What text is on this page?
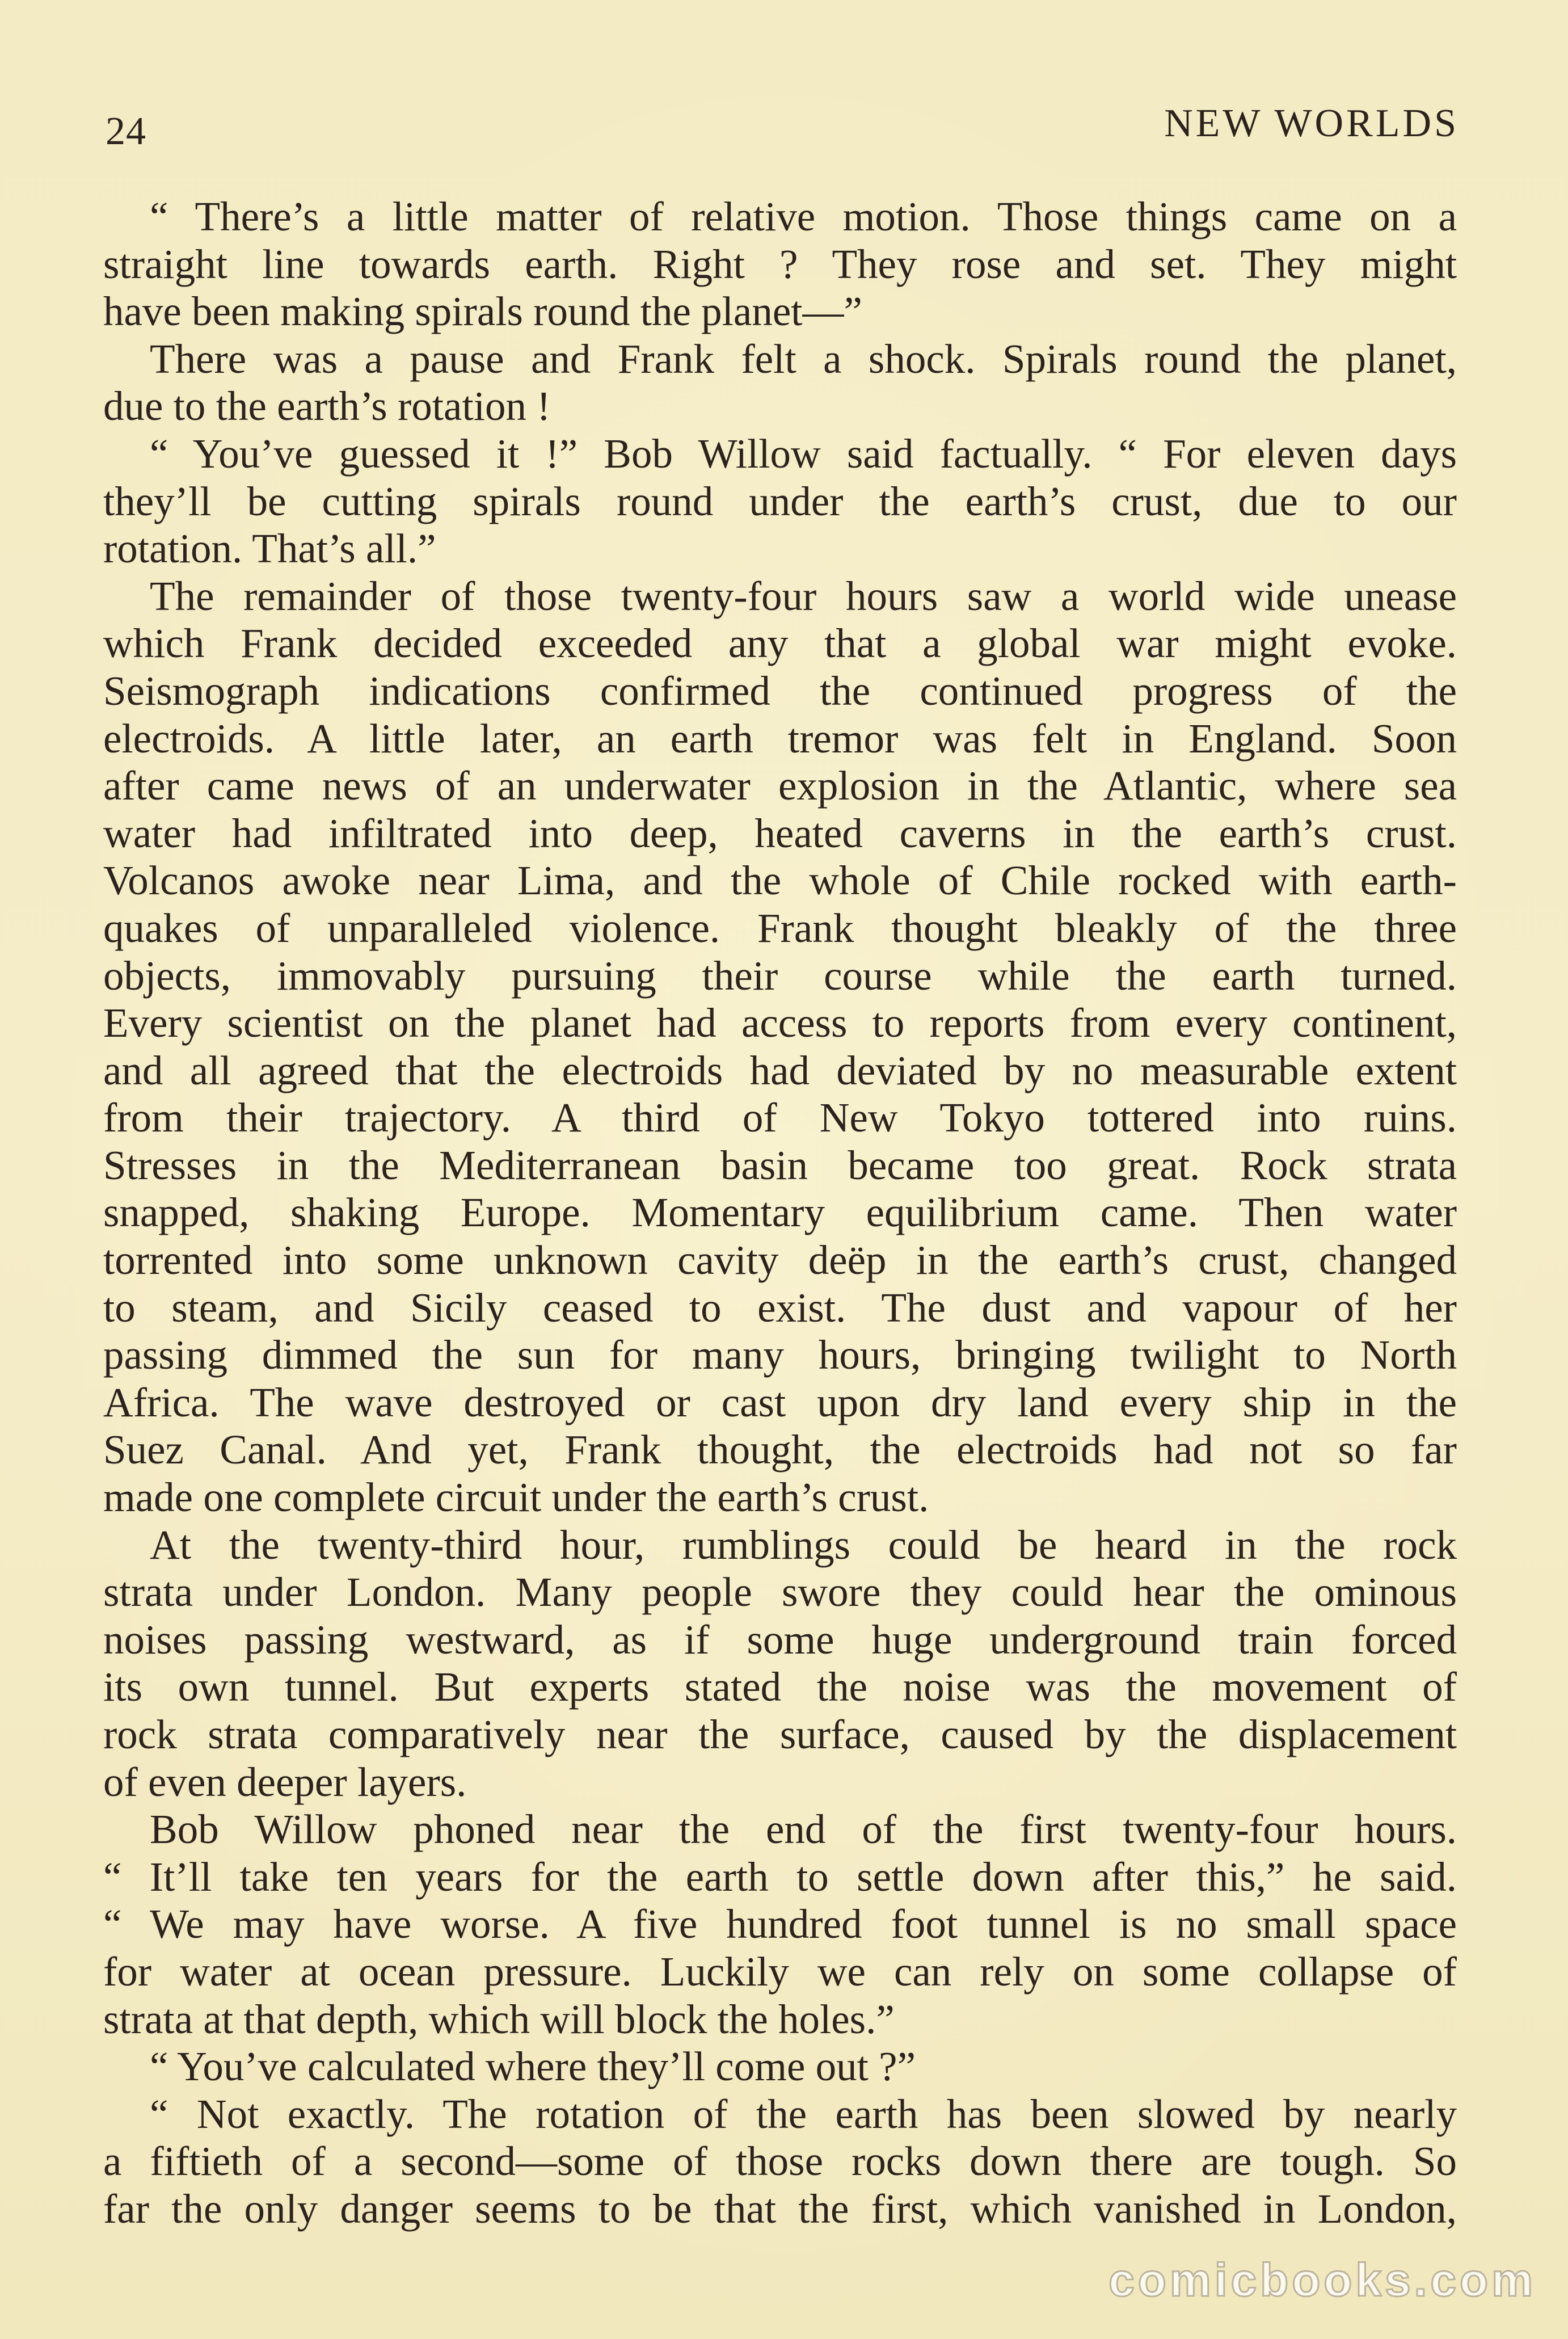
24	NEW WORLDS
“ There’s a little matter of relative motion. Those things came on a
straight line towards earth. Right ? They rose and set. They might
have been making spirals round the planet—”
There was a pause and Frank felt a shock. Spirals round the planet,
due to the earth’s rotation !
“ You’ve guessed it !” Bob Willow said factually. “ For eleven days
they’ll be cutting spirals round under the earth’s crust, due to our
rotation. That’s all.”
The remainder of those twenty-four hours saw a world wide unease
which Frank decided exceeded any that a global war might evoke.
Seismograph indications confirmed the continued progress of the
electroids. A little later, an earth tremor was felt in England. Soon
after came news of an underwater explosion in the Atlantic, where sea
water had infiltrated into deep, heated caverns in the earth’s crust.
Volcanos awoke near Lima, and the whole of Chile rocked with earth-
quakes of unparalleled violence. Frank thought bleakly of the three
objects, immovably pursuing their course while the earth turned.
Every scientist on the planet had access to reports from every continent,
and all agreed that the electroids had deviated by no measurable extent
from their trajectory. A third of New Tokyo tottered into ruins.
Stresses in the Mediterranean basin became too great. Rock strata
snapped, shaking Europe. Momentary equilibrium came. Then water
torrented into some unknown cavity deëp in the earth’s crust, changed
to steam, and Sicily ceased to exist. The dust and vapour of her
passing dimmed the sun for many hours, bringing twilight to North
Africa. The wave destroyed or cast upon dry land every ship in the
Suez Canal. And yet, Frank thought, the electroids had not so far
made one complete circuit under the earth’s crust.
At the twenty-third hour, rumblings could be heard in the rock
strata under London. Many people swore they could hear the ominous
noises passing westward, as if some huge underground train forced
its own tunnel. But experts stated the noise was the movement of
rock strata comparatively near the surface, caused by the displacement
of even deeper layers.
Bob Willow phoned near the end of the first twenty-four hours.
“ It’ll take ten years for the earth to settle down after this,” he said.
“ We may have worse. A five hundred foot tunnel is no small space
for water at ocean pressure. Luckily we can rely on some collapse of
strata at that depth, which will block the holes.”
“ You’ve calculated where they’ll come out ?”
“ Not exactly. The rotation of the earth has been slowed by nearly
a fiftieth of a second—some of those rocks down there are tough. So
far the only danger seems to be that the first, which vanished in London,
comicbooks.com
